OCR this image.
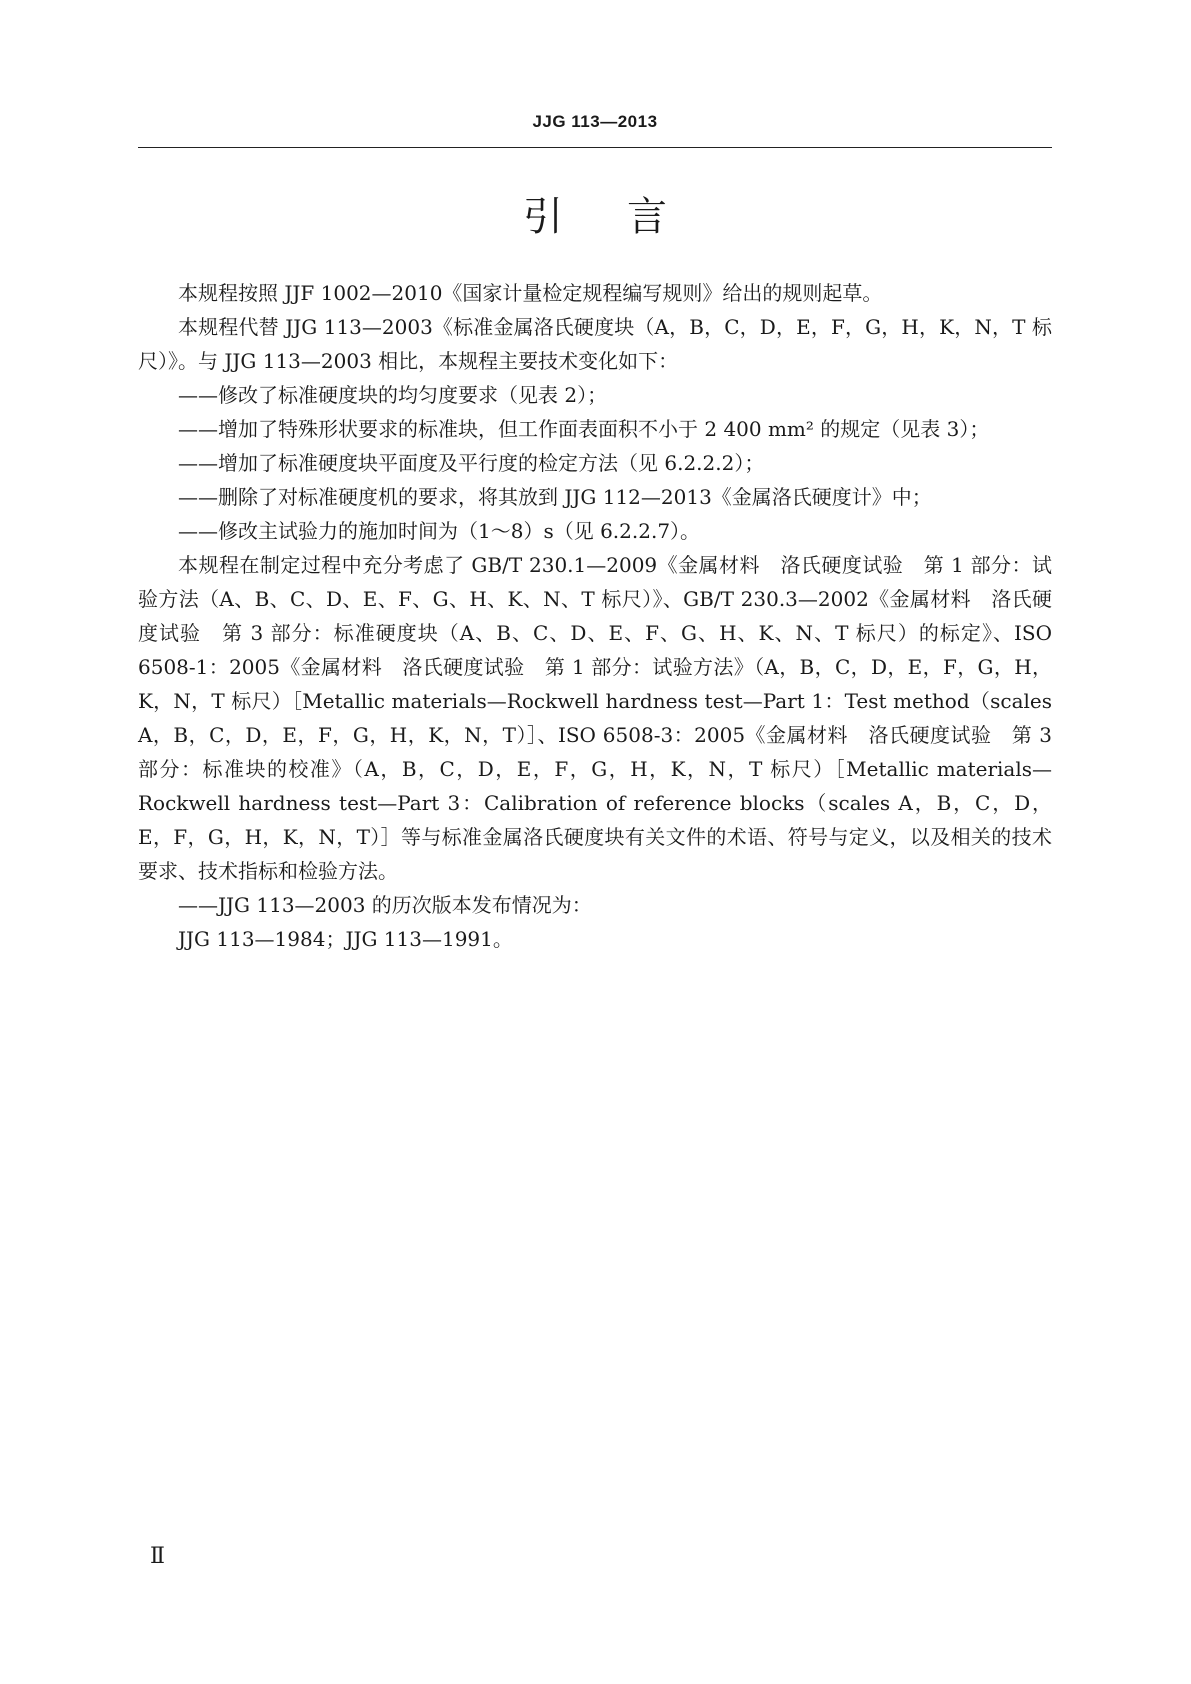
JJG 113—2013
引 言

本规程按照 JJF 1002—2010《国家计量检定规程编写规则》给出的规则起草。

本规程代替 JJG 113—2003《标准金属洛氏硬度块（A，B，C，D，E，F，G，H，K，N，T 标尺）》。与 JJG 113—2003 相比，本规程主要技术变化如下：

——修改了标准硬度块的均匀度要求（见表 2）；

——增加了特殊形状要求的标准块，但工作面表面积不小于 2 400 mm² 的规定（见表 3）；

——增加了标准硬度块平面度及平行度的检定方法（见 6.2.2.2）；

——删除了对标准硬度机的要求，将其放到 JJG 112—2013《金属洛氏硬度计》中；

——修改主试验力的施加时间为（1～8）s（见 6.2.2.7）。

本规程在制定过程中充分考虑了 GB/T 230.1—2009《金属材料　洛氏硬度试验　第 1 部分：试验方法（A、B、C、D、E、F、G、H、K、N、T 标尺）》、GB/T 230.3—2002《金属材料　洛氏硬度试验　第 3 部分：标准硬度块（A、B、C、D、E、F、G、H、K、N、T 标尺）的标定》、ISO 6508-1：2005《金属材料　洛氏硬度试验　第 1 部分：试验方法》（A，B，C，D，E，F，G，H，K，N，T 标尺）［Metallic materials—Rockwell hardness test—Part 1：Test method（scales A，B，C，D，E，F，G，H，K，N，T）］、ISO 6508-3：2005《金属材料　洛氏硬度试验　第 3 部分：标准块的校准》（A，B，C，D，E，F，G，H，K，N，T 标尺）［Metallic materials—Rockwell hardness test—Part 3：Calibration of reference blocks（scales A，B，C，D，E，F，G，H，K，N，T）］等与标准金属洛氏硬度块有关文件的术语、符号与定义，以及相关的技术要求、技术指标和检验方法。

——JJG 113—2003 的历次版本发布情况为：

JJG 113—1984；JJG 113—1991。

Ⅱ
